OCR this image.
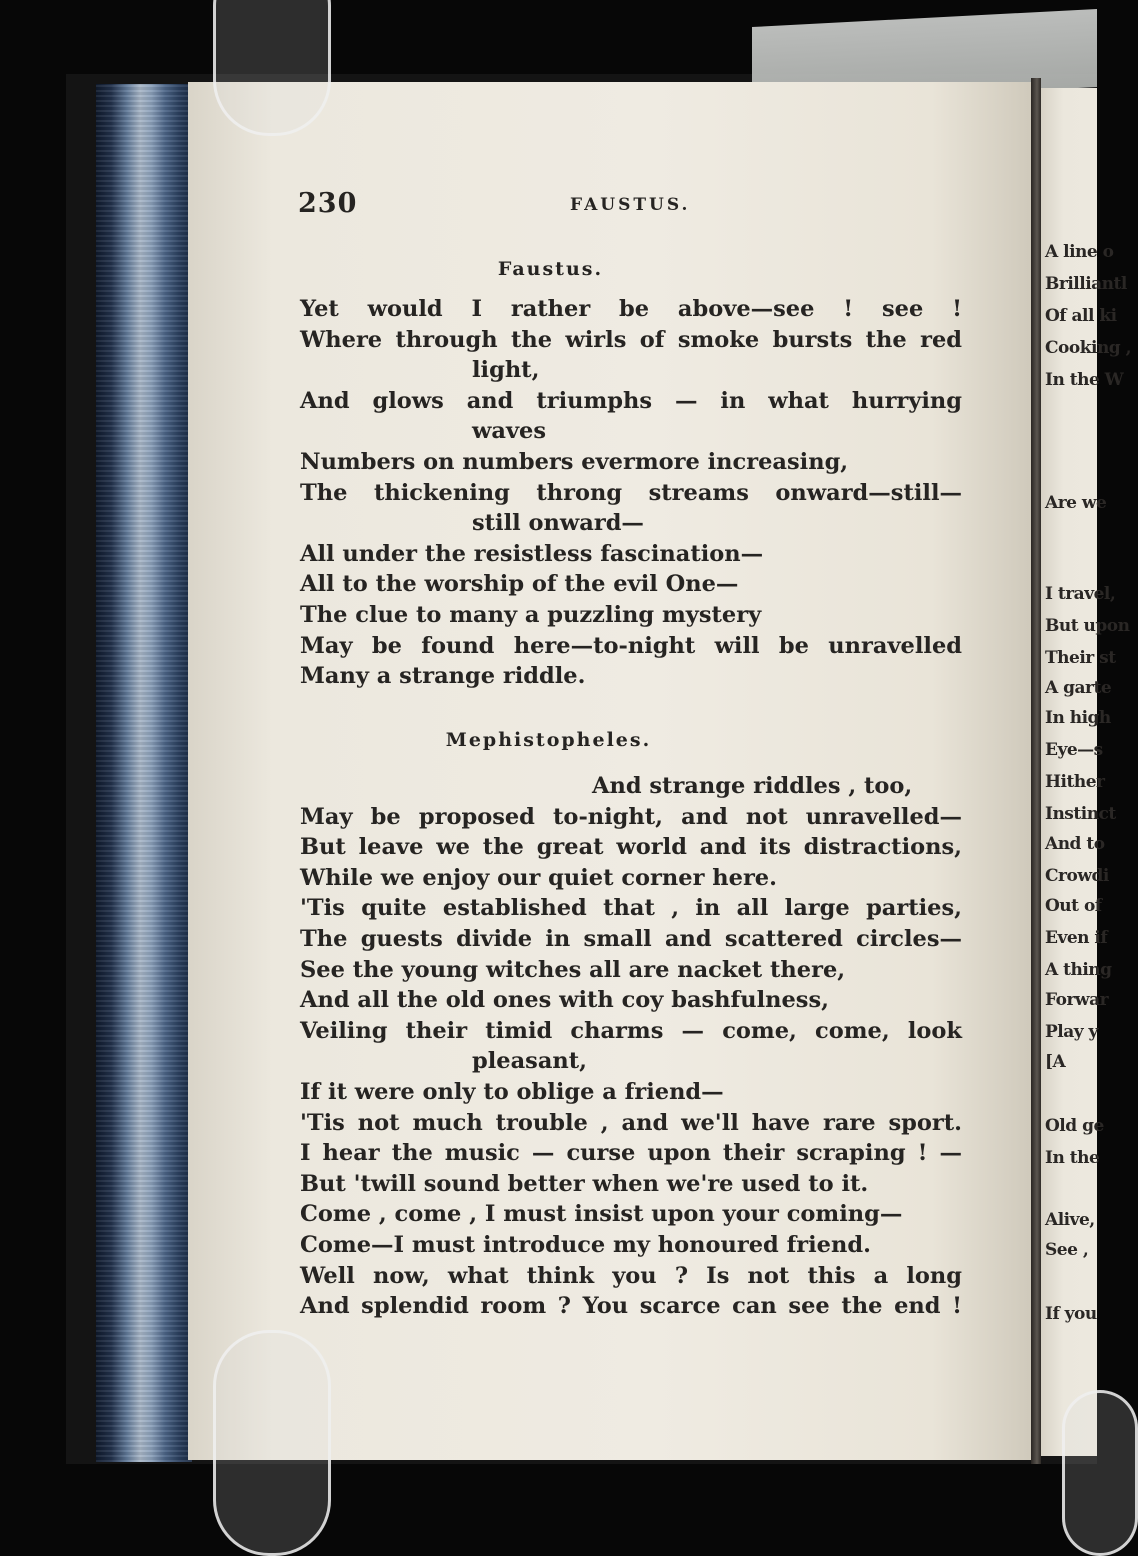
230	FAUSTUS.
Faustus.
Yet would I rather be above—see ! see !
Where through the wirls of smoke bursts the red
light,
And glows and triumphs — in what hurrying
waves
Numbers on numbers evermore increasing,
The thickening throng streams onward—still—
still onward—
All under the resistless fascination—
All to the worship of the evil One—
The clue to many a puzzling mystery
May be found here—to-night will be unravelled
Many a strange riddle.
Mephistopheles.
And strange riddles , too,
May be proposed to-night, and not unravelled—
But leave we the great world and its distractions,
While we enjoy our quiet corner here.
'Tis quite established that , in all large parties,
The guests divide in small and scattered circles—
See the young witches all are nacket there,
And all the old ones with coy bashfulness,
Veiling their timid charms — come, come, look
pleasant,
If it were only to oblige a friend—
'Tis not much trouble , and we'll have rare sport.
I hear the music — curse upon their scraping ! —
But 'twill sound better when we're used to it.
Come , come , I must insist upon your coming—
Come—I must introduce my honoured friend.
Well now, what think you ? Is not this a long
And splendid room ? You scarce can see the end !
A line o
Brilliantl
Of all ki
Cooking ,
In the W
Are we
I travel,
But upon
Their st
A garte
In high
Eye—s
Hither
Instinct
And to
Crowdi
Out of
Even if
A thing
Forwar
Play y
[A
Old ge
In the
Alive,
See ,
If you
